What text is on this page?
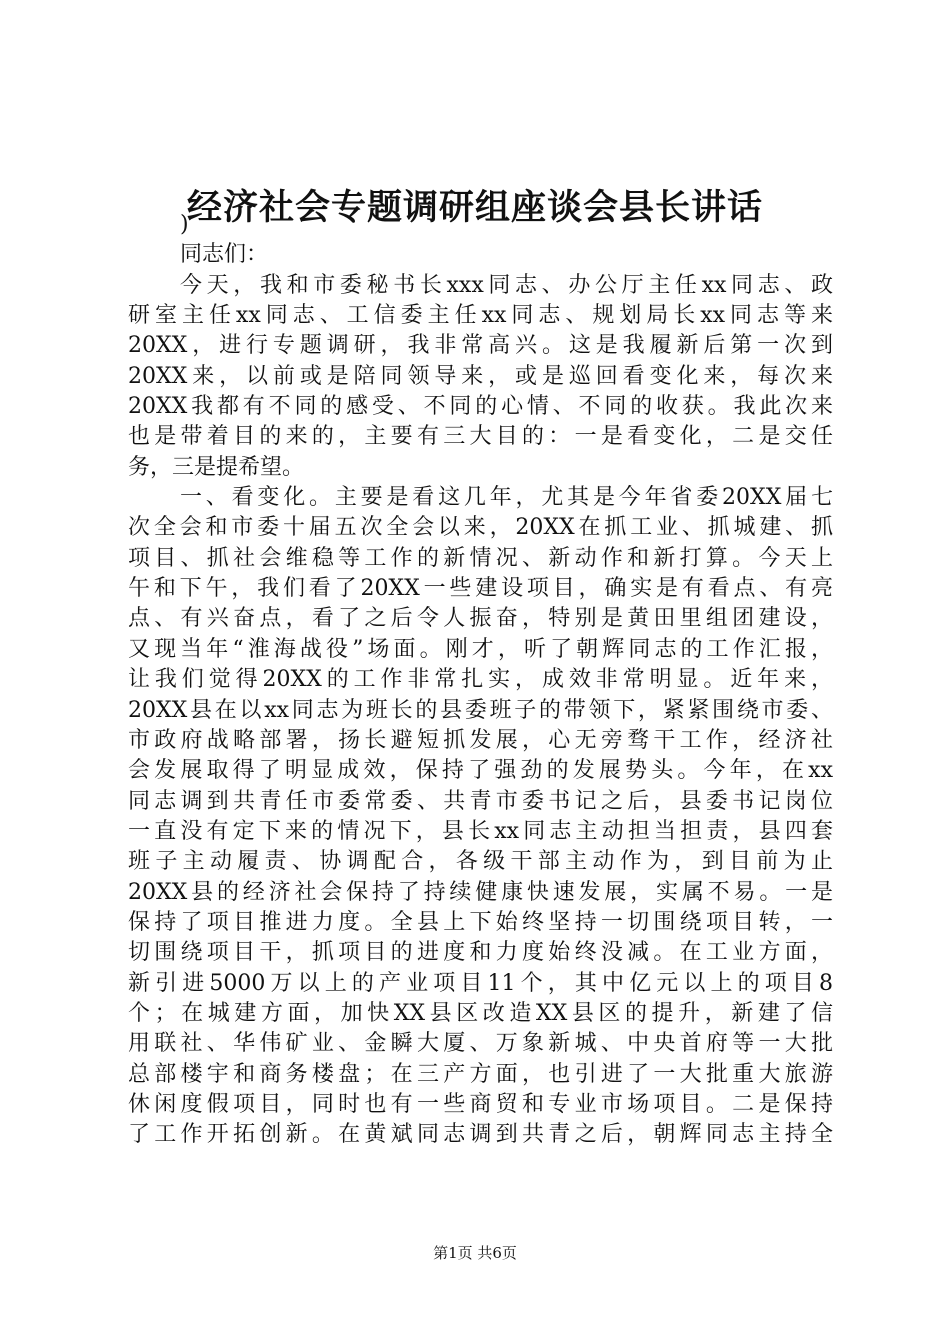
经济社会专题调研组座谈会县长讲话
)
同志们：
今天，我和市委秘书长xxx同志、办公厅主任xx同志、政
研室主任xx同志、工信委主任xx同志、规划局长xx同志等来
20XX，进行专题调研，我非常高兴。这是我履新后第一次到
20XX来，以前或是陪同领导来，或是巡回看变化来，每次来
20XX我都有不同的感受、不同的心情、不同的收获。我此次来
也是带着目的来的，主要有三大目的：一是看变化，二是交任
务，三是提希望。
一、看变化。主要是看这几年，尤其是今年省委20XX届七
次全会和市委十届五次全会以来，20XX在抓工业、抓城建、抓
项目、抓社会维稳等工作的新情况、新动作和新打算。今天上
午和下午，我们看了20XX一些建设项目，确实是有看点、有亮
点、有兴奋点，看了之后令人振奋，特别是黄田里组团建设，
又现当年“淮海战役”场面。刚才，听了朝辉同志的工作汇报，
让我们觉得20XX的工作非常扎实，成效非常明显。近年来，
20XX县在以xx同志为班长的县委班子的带领下，紧紧围绕市委、
市政府战略部署，扬长避短抓发展，心无旁骛干工作，经济社
会发展取得了明显成效，保持了强劲的发展势头。今年，在xx
同志调到共青任市委常委、共青市委书记之后，县委书记岗位
一直没有定下来的情况下，县长xx同志主动担当担责，县四套
班子主动履责、协调配合，各级干部主动作为，到目前为止
20XX县的经济社会保持了持续健康快速发展，实属不易。一是
保持了项目推进力度。全县上下始终坚持一切围绕项目转，一
切围绕项目干，抓项目的进度和力度始终没减。在工业方面，
新引进5000万以上的产业项目11个，其中亿元以上的项目8
个；在城建方面，加快XX县区改造XX县区的提升，新建了信
用联社、华伟矿业、金瞬大厦、万象新城、中央首府等一大批
总部楼宇和商务楼盘；在三产方面，也引进了一大批重大旅游
休闲度假项目，同时也有一些商贸和专业市场项目。二是保持
了工作开拓创新。在黄斌同志调到共青之后，朝辉同志主持全
第1页 共6页
